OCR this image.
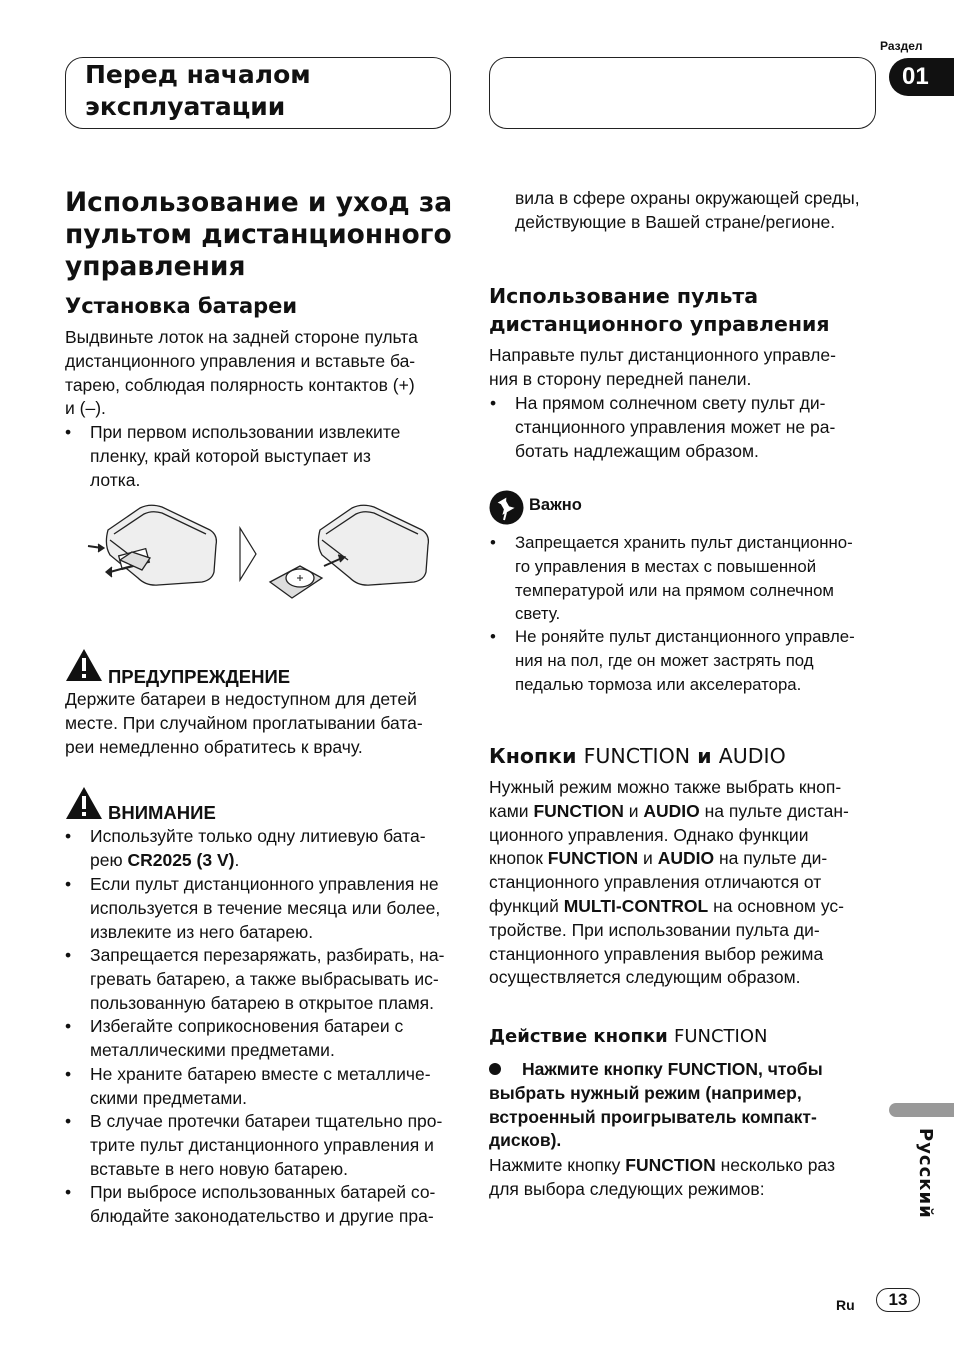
Перед началом
эксплуатации
Раздел
01
Использование и уход за
пультом дистанционного
управления
Установка батареи
Выдвиньте лоток на задней стороне пульта
дистанционного управления и вставьте ба-
тарею, соблюдая полярность контактов (+)
и (–).
• При первом использовании извлеките
пленку, край которой выступает из
лотка.
ПРЕДУПРЕЖДЕНИЕ
Держите батареи в недоступном для детей
месте. При случайном проглатывании бата-
реи немедленно обратитесь к врачу.
ВНИМАНИЕ
• Используйте только одну литиевую бата-
рею CR2025 (3 V).
• Если пульт дистанционного управления не
используется в течение месяца или более,
извлеките из него батарею.
• Запрещается перезаряжать, разбирать, на-
гревать батарею, а также выбрасывать ис-
пользованную батарею в открытое пламя.
• Избегайте соприкосновения батареи с
металлическими предметами.
• Не храните батарею вместе с металличе-
скими предметами.
• В случае протечки батареи тщательно про-
трите пульт дистанционного управления и
вставьте в него новую батарею.
• При выбросе использованных батарей со-
блюдайте законодательство и другие пра-
вила в сфере охраны окружающей среды,
действующие в Вашей стране/регионе.
Использование пульта
дистанционного управления
Направьте пульт дистанционного управле-
ния в сторону передней панели.
• На прямом солнечном свету пульт ди-
станционного управления может не ра-
ботать надлежащим образом.
Важно
• Запрещается хранить пульт дистанционно-
го управления в местах с повышенной
температурой или на прямом солнечном
свету.
• Не роняйте пульт дистанционного управле-
ния на пол, где он может застрять под
педалью тормоза или акселератора.
Кнопки FUNCTION и AUDIO
Нужный режим можно также выбрать кноп-
ками FUNCTION и AUDIO на пульте дистан-
ционного управления. Однако функции
кнопок FUNCTION и AUDIO на пульте ди-
станционного управления отличаются от
функций MULTI-CONTROL на основном ус-
тройстве. При использовании пульта ди-
станционного управления выбор режима
осуществляется следующим образом.
Действие кнопки FUNCTION
Нажмите кнопку FUNCTION, чтобы
выбрать нужный режим (например,
встроенный проигрыватель компакт-
дисков).
Нажмите кнопку FUNCTION несколько раз
для выбора следующих режимов:	Русский
Ru	13
